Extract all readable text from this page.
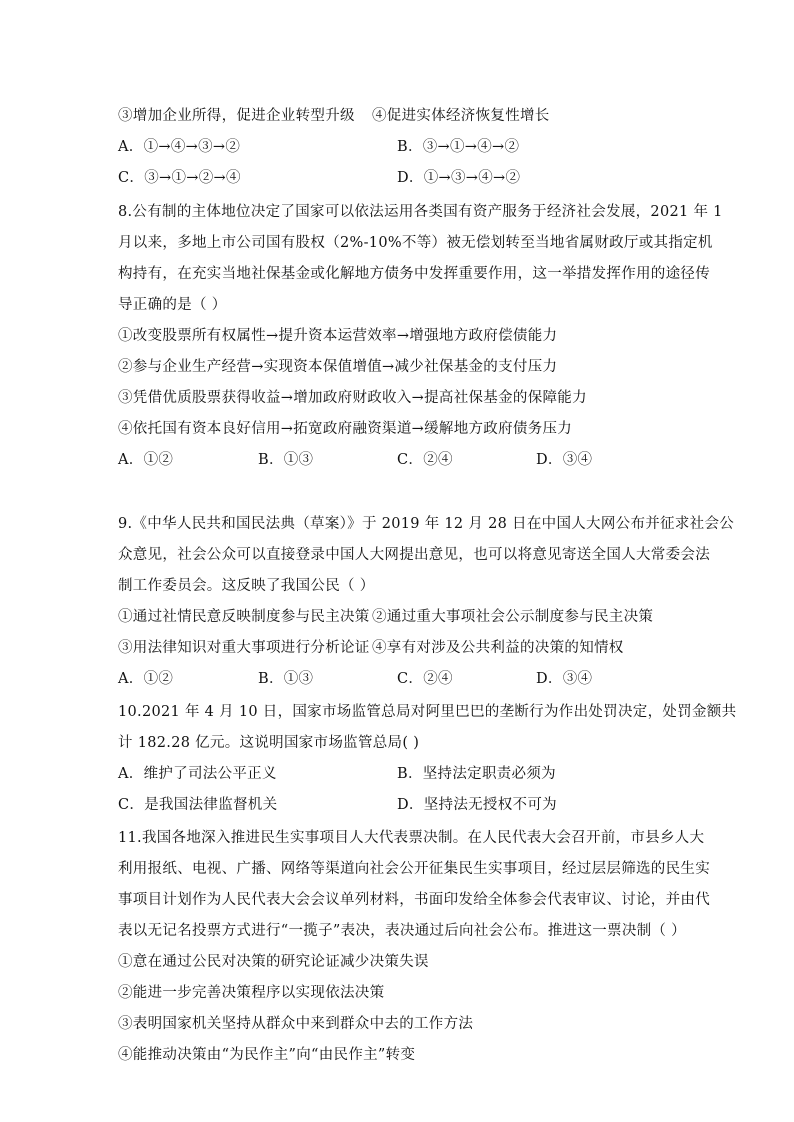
③增加企业所得，促进企业转型升级 ④促进实体经济恢复性增长
A．①→④→③→②	B．③→①→④→②
C．③→①→②→④	D．①→③→④→②
8.公有制的主体地位决定了国家可以依法运用各类国有资产服务于经济社会发展，2021 年 1
月以来，多地上市公司国有股权（2%-10%不等）被无偿划转至当地省属财政厅或其指定机
构持有，在充实当地社保基金或化解地方债务中发挥重要作用，这一举措发挥作用的途径传
导正确的是（ ）
①改变股票所有权属性→提升资本运营效率→增强地方政府偿债能力
②参与企业生产经营→实现资本保值增值→减少社保基金的支付压力
③凭借优质股票获得收益→增加政府财政收入→提高社保基金的保障能力
④依托国有资本良好信用→拓宽政府融资渠道→缓解地方政府债务压力
A．①②	B．①③	C．②④	D．③④
9.《中华人民共和国民法典（草案）》于 2019 年 12 月 28 日在中国人大网公布并征求社会公
众意见，社会公众可以直接登录中国人大网提出意见，也可以将意见寄送全国人大常委会法
制工作委员会。这反映了我国公民（ ）
①通过社情民意反映制度参与民主决策 ②通过重大事项社会公示制度参与民主决策
③用法律知识对重大事项进行分析论证 ④享有对涉及公共利益的决策的知情权
A．①②	B．①③	C．②④	D．③④
10.2021 年 4 月 10 日，国家市场监管总局对阿里巴巴的垄断行为作出处罚决定，处罚金额共
计 182.28 亿元。这说明国家市场监管总局( )
A．维护了司法公平正义	B．坚持法定职责必须为
C．是我国法律监督机关	D．坚持法无授权不可为
11.我国各地深入推进民生实事项目人大代表票决制。在人民代表大会召开前，市县乡人大
利用报纸、电视、广播、网络等渠道向社会公开征集民生实事项目，经过层层筛选的民生实
事项目计划作为人民代表大会会议单列材料，书面印发给全体参会代表审议、讨论，并由代
表以无记名投票方式进行“一揽子”表决，表决通过后向社会公布。推进这一票决制（ ）
①意在通过公民对决策的研究论证减少决策失误
②能进一步完善决策程序以实现依法决策
③表明国家机关坚持从群众中来到群众中去的工作方法
④能推动决策由“为民作主”向“由民作主”转变
